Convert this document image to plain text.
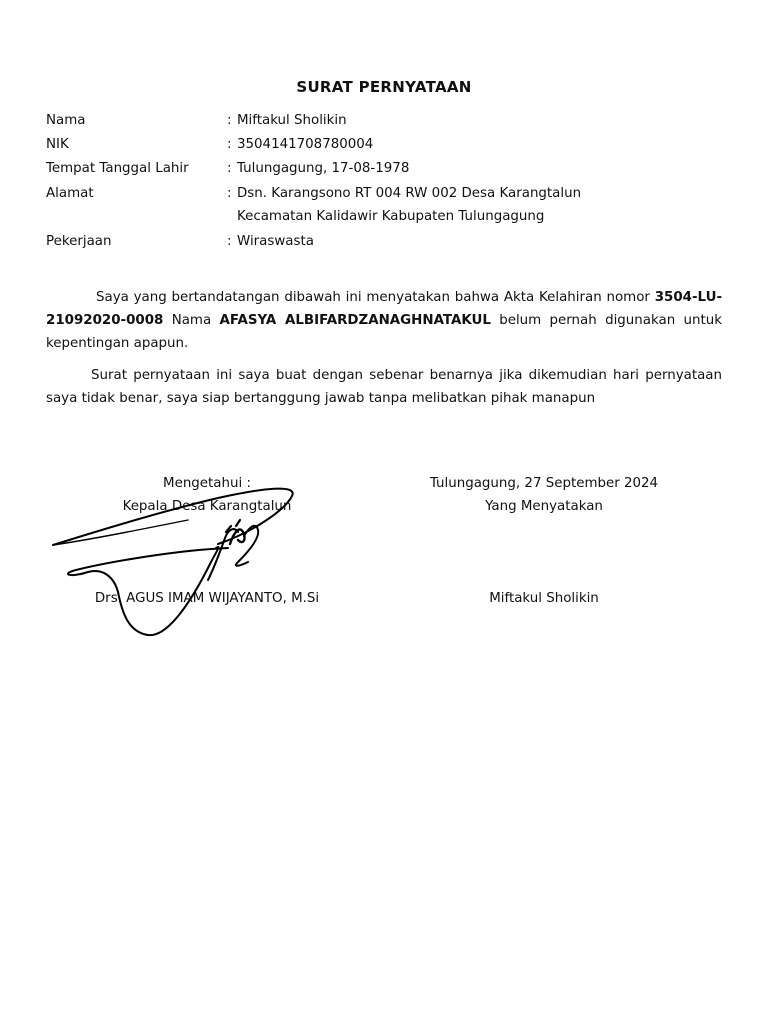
SURAT PERNYATAAN
Nama	: Miftakul Sholikin
NIK	: 3504141708780004
Tempat Tanggal Lahir	: Tulungagung, 17-08-1978
Alamat	: Dsn. Karangsono RT 004 RW 002 Desa Karangtalun
Kecamatan Kalidawir Kabupaten Tulungagung
Pekerjaan	: Wiraswasta

Saya yang bertandatangan dibawah ini menyatakan bahwa Akta Kelahiran nomor 3504-LU-21092020-0008 Nama AFASYA ALBIFARDZANAGHNATAKUL belum pernah digunakan untuk kepentingan apapun.

Surat pernyataan ini saya buat dengan sebenar benarnya jika dikemudian hari pernyataan saya tidak benar, saya siap bertanggung jawab tanpa melibatkan pihak manapun

Mengetahui :
Kepala Desa Karangtalun
Drs. AGUS IMAM WIJAYANTO, M.Si
Tulungagung, 27 September 2024
Yang Menyatakan
Miftakul Sholikin
